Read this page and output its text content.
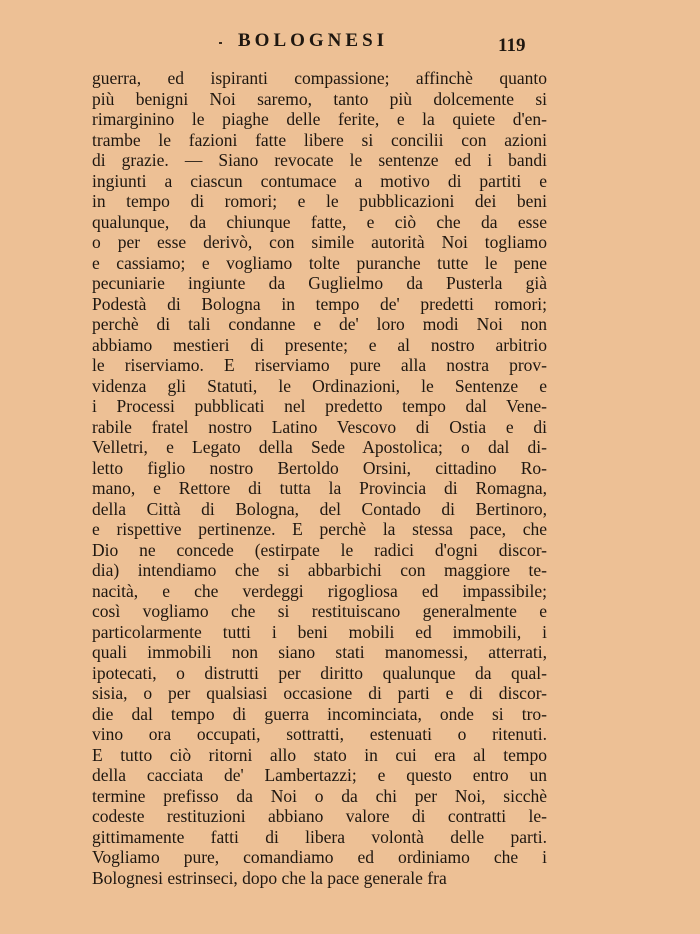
BOLOGNESI	119
guerra, ed ispiranti compassione; affinchè quanto
più benigni Noi saremo, tanto più dolcemente si
rimarginino le piaghe delle ferite, e la quiete d'en-
trambe le fazioni fatte libere si concilii con azioni
di grazie. — Siano revocate le sentenze ed i bandi
ingiunti a ciascun contumace a motivo di partiti e
in tempo di romori; e le pubblicazioni dei beni
qualunque, da chiunque fatte, e ciò che da esse
o per esse derivò, con simile autorità Noi togliamo
e cassiamo; e vogliamo tolte puranche tutte le pene
pecuniarie ingiunte da Guglielmo da Pusterla già
Podestà di Bologna in tempo de' predetti romori;
perchè di tali condanne e de' loro modi Noi non
abbiamo mestieri di presente; e al nostro arbitrio
le riserviamo. E riserviamo pure alla nostra prov-
videnza gli Statuti, le Ordinazioni, le Sentenze e
i Processi pubblicati nel predetto tempo dal Vene-
rabile fratel nostro Latino Vescovo di Ostia e di
Velletri, e Legato della Sede Apostolica; o dal di-
letto figlio nostro Bertoldo Orsini, cittadino Ro-
mano, e Rettore di tutta la Provincia di Romagna,
della Città di Bologna, del Contado di Bertinoro,
e rispettive pertinenze. E perchè la stessa pace, che
Dio ne concede (estirpate le radici d'ogni discor-
dia) intendiamo che si abbarbichi con maggiore te-
nacità, e che verdeggi rigogliosa ed impassibile;
così vogliamo che si restituiscano generalmente e
particolarmente tutti i beni mobili ed immobili, i
quali immobili non siano stati manomessi, atterrati,
ipotecati, o distrutti per diritto qualunque da qual-
sisia, o per qualsiasi occasione di parti e di discor-
die dal tempo di guerra incominciata, onde si tro-
vino ora occupati, sottratti, estenuati o ritenuti.
E tutto ciò ritorni allo stato in cui era al tempo
della cacciata de' Lambertazzi; e questo entro un
termine prefisso da Noi o da chi per Noi, sicchè
codeste restituzioni abbiano valore di contratti le-
gittimamente fatti di libera volontà delle parti.
Vogliamo pure, comandiamo ed ordiniamo che i
Bolognesi estrinseci, dopo che la pace generale fra
